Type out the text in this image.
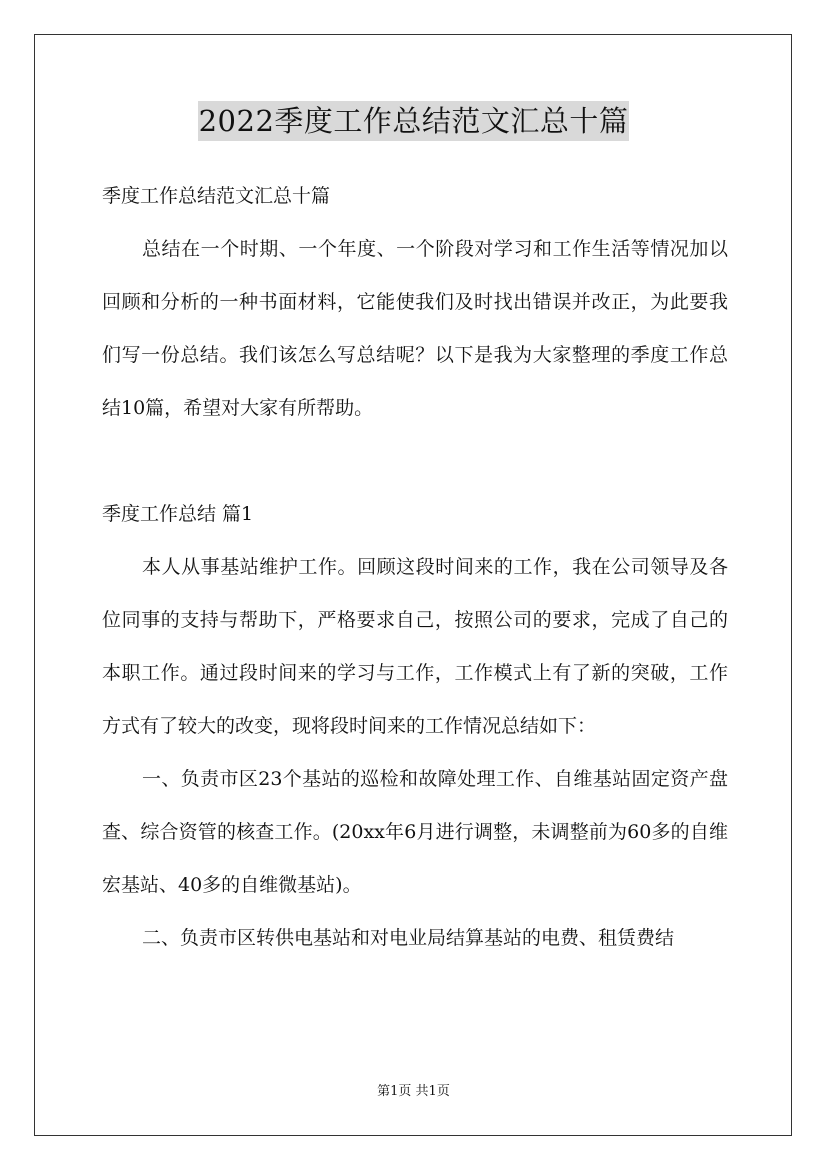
2022季度工作总结范文汇总十篇

季度工作总结范文汇总十篇

总结在一个时期、一个年度、一个阶段对学习和工作生活等情况加以回顾和分析的一种书面材料，它能使我们及时找出错误并改正，为此要我们写一份总结。我们该怎么写总结呢？以下是我为大家整理的季度工作总结10篇，希望对大家有所帮助。

季度工作总结 篇1

本人从事基站维护工作。回顾这段时间来的工作，我在公司领导及各位同事的支持与帮助下，严格要求自己，按照公司的要求，完成了自己的本职工作。通过段时间来的学习与工作，工作模式上有了新的突破，工作方式有了较大的改变，现将段时间来的工作情况总结如下：

一、负责市区23个基站的巡检和故障处理工作、自维基站固定资产盘查、综合资管的核查工作。(20xx年6月进行调整，未调整前为60多的自维宏基站、40多的自维微基站)。

二、负责市区转供电基站和对电业局结算基站的电费、租赁费结

第1页 共1页
